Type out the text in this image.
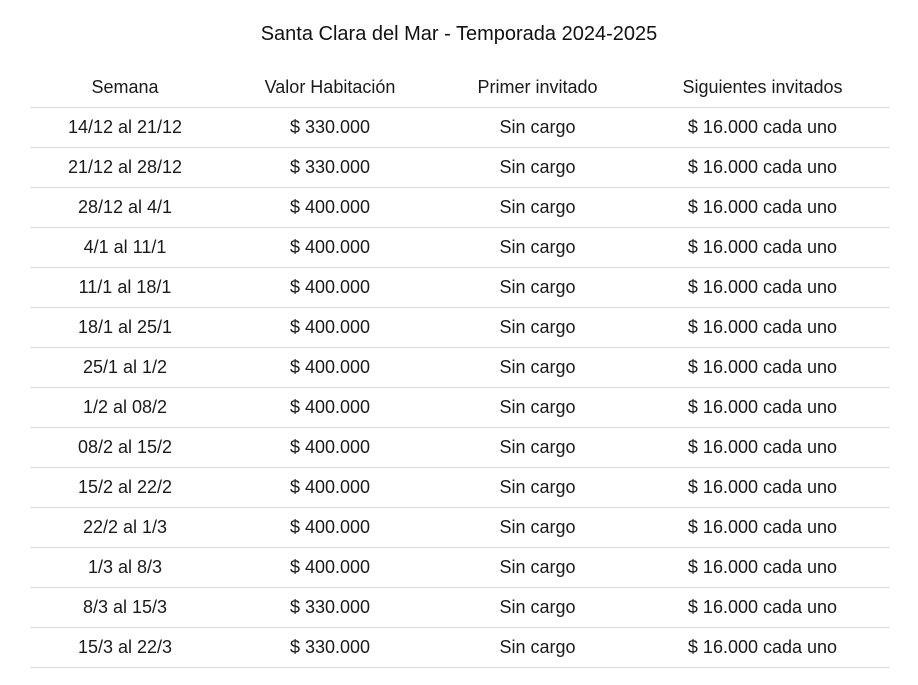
Santa Clara del Mar - Temporada 2024-2025
Semana	Valor Habitación	Primer invitado	Siguientes invitados
14/12 al 21/12	$ 330.000	Sin cargo	$ 16.000 cada uno
21/12 al 28/12	$ 330.000	Sin cargo	$ 16.000 cada uno
28/12 al 4/1	$ 400.000	Sin cargo	$ 16.000 cada uno
4/1 al 11/1	$ 400.000	Sin cargo	$ 16.000 cada uno
11/1 al 18/1	$ 400.000	Sin cargo	$ 16.000 cada uno
18/1 al 25/1	$ 400.000	Sin cargo	$ 16.000 cada uno
25/1 al 1/2	$ 400.000	Sin cargo	$ 16.000 cada uno
1/2 al 08/2	$ 400.000	Sin cargo	$ 16.000 cada uno
08/2 al 15/2	$ 400.000	Sin cargo	$ 16.000 cada uno
15/2 al 22/2	$ 400.000	Sin cargo	$ 16.000 cada uno
22/2 al 1/3	$ 400.000	Sin cargo	$ 16.000 cada uno
1/3 al 8/3	$ 400.000	Sin cargo	$ 16.000 cada uno
8/3 al 15/3	$ 330.000	Sin cargo	$ 16.000 cada uno
15/3 al 22/3	$ 330.000	Sin cargo	$ 16.000 cada uno
